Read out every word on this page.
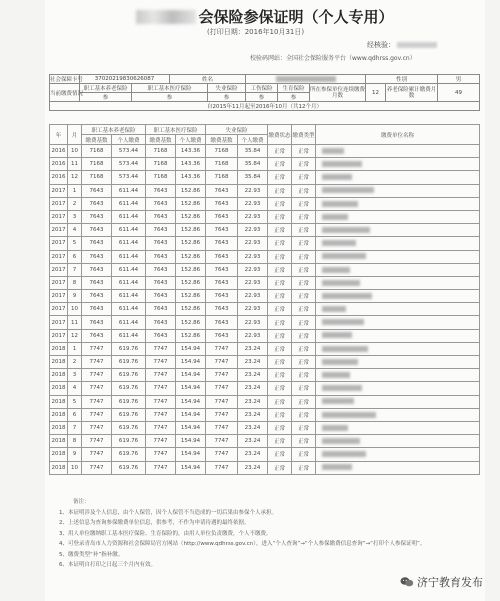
会保险参保证明（个人专用）
(打印日期：2016年10月31日)
经核验：
校验码网站：全国社会保险服务平台（www.qdhrss.gov.cn）
社会保障卡号	37020219830626087		姓名					性别		男
当前缴费情况	职工基本养老保险	职工基本医疗保险		失业保险	工伤保险	生育保险	所在参保单位连续缴费月数	12	养老保险累计缴费月数	49
	参	参		参	参	参				
自2015年11月起至2016年10月（共12个月）										
年	月	职工基本养老保险		职工基本医疗保险		失业保险		缴费状态	缴费类型	缴费单位名称
		缴费基数	个人缴费	缴费基数	个人缴费	缴费基数	个人缴费			
2016	10	7168	573.44	7168	143.36	7168	35.84	正常	正常	
2016	11	7168	573.44	7168	143.36	7168	35.84	正常	正常	
2016	12	7168	573.44	7168	143.36	7168	35.84	正常	正常	
2017	1	7643	611.44	7643	152.86	7643	22.93	正常	正常	
2017	2	7643	611.44	7643	152.86	7643	22.93	正常	正常	
2017	3	7643	611.44	7643	152.86	7643	22.93	正常	正常	
2017	4	7643	611.44	7643	152.86	7643	22.93	正常	正常	
2017	5	7643	611.44	7643	152.86	7643	22.93	正常	正常	
2017	6	7643	611.44	7643	152.86	7643	22.93	正常	正常	
2017	7	7643	611.44	7643	152.86	7643	22.93	正常	正常	
2017	8	7643	611.44	7643	152.86	7643	22.93	正常	正常	
2017	9	7643	611.44	7643	152.86	7643	22.93	正常	正常	
2017	10	7643	611.44	7643	152.86	7643	22.93	正常	正常	
2017	11	7643	611.44	7643	152.86	7643	22.93	正常	正常	
2017	12	7643	611.44	7643	152.86	7643	22.93	正常	正常	
2018	1	7747	619.76	7747	154.94	7747	23.24	正常	正常	
2018	2	7747	619.76	7747	154.94	7747	23.24	正常	正常	
2018	3	7747	619.76	7747	154.94	7747	23.24	正常	正常	
2018	4	7747	619.76	7747	154.94	7747	23.24	正常	正常	
2018	5	7747	619.76	7747	154.94	7747	23.24	正常	正常	
2018	6	7747	619.76	7747	154.94	7747	23.24	正常	正常	
2018	7	7747	619.76	7747	154.94	7747	23.24	正常	正常	
2018	8	7747	619.76	7747	154.94	7747	23.24	正常	正常	
2018	9	7747	619.76	7747	154.94	7747	23.24	正常	正常	
2018	10	7747	619.76	7747	154.94	7747	23.24	正常	正常	
备注：
1、本证明涉及个人信息，由个人保管，因个人保管不当造成的一切后果由参保个人承担。
2、上述信息为查询参保缴费单位信息，供参考，不作为申请待遇的最终依据。
3、用人单位缴纳职工基本医疗保险、生育保险的，由用人单位负责缴费，个人不缴费。
4、可登录青岛市人力资源和社会保障局官方网站（http://www.qdhrss.gov.cn），进入“个人查询”→“个人参保缴费信息查询”→“打印个人参保证明”。
5、缴费类型“补”指补缴。
6、本证明自打印之日起三个月内有效。
济宁教育发布
